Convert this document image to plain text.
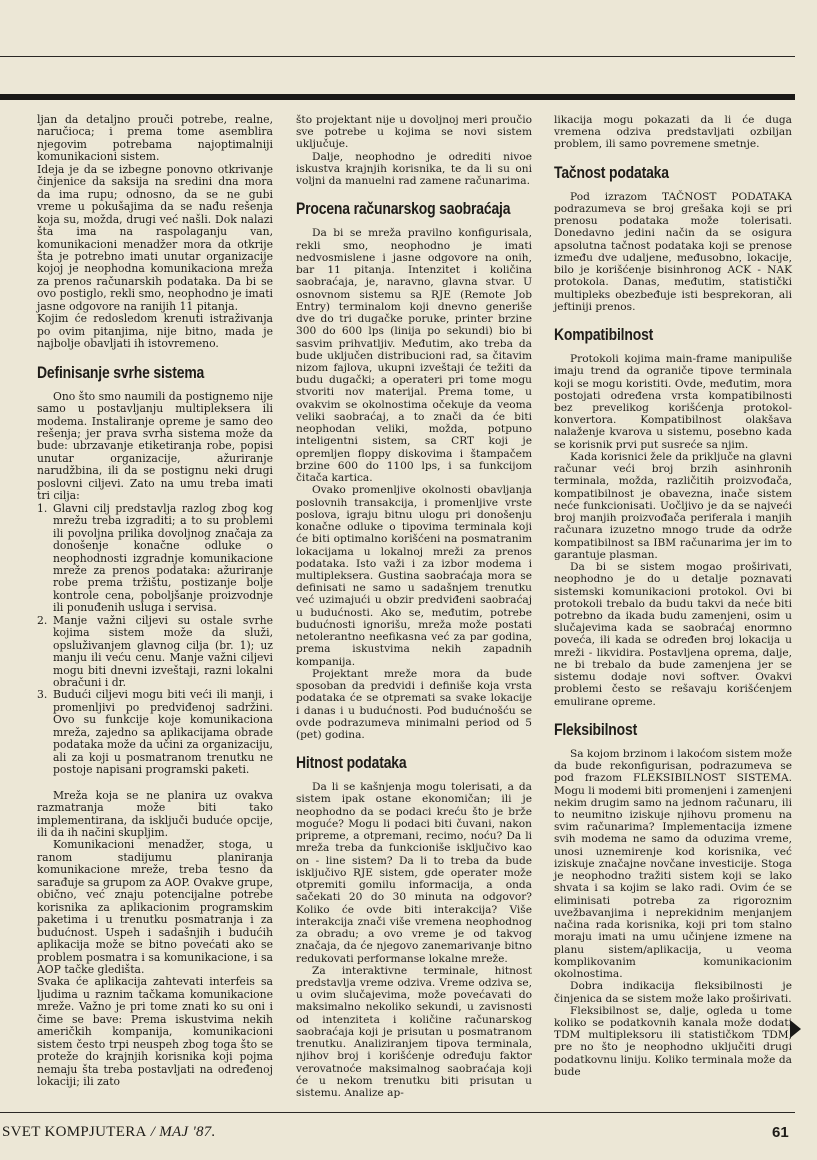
ljan da detaljno prouči potrebe, realne, naručioca; i prema tome asemblira njegovim potrebama najoptimalniji komunikacioni sistem.

Ideja je da se izbegne ponovno otkrivanje činjenice da saksija na sredini dna mora da ima rupu; odnosno, da se ne gubi vreme u pokušajima da se nađu rešenja koja su, možda, drugi već našli. Dok nalazi šta ima na raspolaganju van, komunikacioni menadžer mora da otkrije šta je potrebno imati unutar organizacije kojoj je neophodna komunikaciona mreža za prenos računarskih podataka. Da bi se ovo postiglo, rekli smo, neophodno je imati jasne odgovore na ranijih 11 pitanja.

Kojim će redosledom krenuti istraživanja po ovim pitanjima, nije bitno, mada je najbolje obavljati ih istovremeno.

Definisanje svrhe sistema

Ono što smo naumili da postignemo nije samo u postavljanju multipleksera ili modema. Instaliranje opreme je samo deo rešenja; jer prava svrha sistema može da bude: ubrzavanje etiketiranja robe, popisi unutar organizacije, ažuriranje narudžbina, ili da se postignu neki drugi poslovni ciljevi. Zato na umu treba imati tri cilja:

1. Glavni cilj predstavlja razlog zbog kog mrežu treba izgraditi; a to su problemi ili povoljna prilika dovoljnog značaja za donošenje konačne odluke o neophodnosti izgradnje komunikacione mreže za prenos podataka: ažuriranje robe prema tržištu, postizanje bolje kontrole cena, poboljšanje proizvodnje ili ponuđenih usluga i servisa.
2. Manje važni ciljevi su ostale svrhe kojima sistem može da služi, opsluživanjem glavnog cilja (br. 1); uz manju ili veću cenu. Manje važni ciljevi mogu biti dnevni izveštaji, razni lokalni obračuni i dr.
3. Budući ciljevi mogu biti veći ili manji, i promenljivi po predviđenoj sadržini. Ovo su funkcije koje komunikaciona mreža, zajedno sa aplikacijama obrade podataka može da učini za organizaciju, ali za koji u posmatranom trenutku ne postoje napisani programski paketi.

Mreža koja se ne planira uz ovakva razmatranja može biti tako implementirana, da isključi buduće opcije, ili da ih načini skupljim.

Komunikacioni menadžer, stoga, u ranom stadijumu planiranja komunikacione mreže, treba tesno da sarađuje sa grupom za AOP. Ovakve grupe, obično, već znaju potencijalne potrebe korisnika za aplikacionim programskim paketima i u trenutku posmatranja i za budućnost. Uspeh i sadašnjih i budućih aplikacija može se bitno povećati ako se problem posmatra i sa komunikacione, i sa AOP tačke gledišta.

Svaka će aplikacija zahtevati interfeis sa ljudima u raznim tačkama komunikacione mreže. Važno je pri tome znati ko su oni i čime se bave: Prema iskustvima nekih američkih kompanija, komunikacioni sistem često trpi neuspeh zbog toga što se proteže do krajnjih korisnika koji pojma nemaju šta treba postavljati na određenoj lokaciji; ili zato

što projektant nije u dovoljnoj meri proučio sve potrebe u kojima se novi sistem uključuje.

Dalje, neophodno je odrediti nivoe iskustva krajnjih korisnika, te da li su oni voljni da manuelni rad zamene računarima.

Procena računarskog saobraćaja

Da bi se mreža pravilno konfigurisala, rekli smo, neophodno je imati nedvosmislene i jasne odgovore na onih, bar 11 pitanja. Intenzitet i količina saobraćaja, je, naravno, glavna stvar. U osnovnom sistemu sa RJE (Remote Job Entry) terminalom koji dnevno generiše dve do tri dugačke poruke, printer brzine 300 do 600 lps (linija po sekundi) bio bi sasvim prihvatljiv. Međutim, ako treba da bude uključen distribucioni rad, sa čitavim nizom fajlova, ukupni izveštaji će težiti da budu dugački; a operateri pri tome mogu stvoriti nov materijal. Prema tome, u ovakvim se okolnostima očekuje da veoma veliki saobraćaj, a to znači da će biti neophodan veliki, možda, potpuno inteligentni sistem, sa CRT koji je opremljen floppy diskovima i štampačem brzine 600 do 1100 lps, i sa funkcijom čitača kartica.

Ovako promenljive okolnosti obavljanja poslovnih transakcija, i promenljive vrste poslova, igraju bitnu ulogu pri donošenju konačne odluke o tipovima terminala koji će biti optimalno korišćeni na posmatranim lokacijama u lokalnoj mreži za prenos podataka. Isto važi i za izbor modema i multipleksera. Gustina saobraćaja mora se definisati ne samo u sadašnjem trenutku već uzimajući u obzir predviđeni saobraćaj u budućnosti. Ako se, međutim, potrebe budućnosti ignorišu, mreža može postati netolerantno neefikasna već za par godina, prema iskustvima nekih zapadnih kompanija.

Projektant mreže mora da bude sposoban da predvidi i definiše koja vrsta podataka će se otpremati sa svake lokacije i danas i u budućnosti. Pod budućnošću se ovde podrazumeva minimalni period od 5 (pet) godina.

Hitnost podataka

Da li se kašnjenja mogu tolerisati, a da sistem ipak ostane ekonomičan; ili je neophodno da se podaci kreću što je brže moguće? Mogu li podaci biti čuvani, nakon pripreme, a otpremani, recimo, noću? Da li mreža treba da funkcioniše isključivo kao on - line sistem? Da li to treba da bude isključivo RJE sistem, gde operater može otpremiti gomilu informacija, a onda sačekati 20 do 30 minuta na odgovor? Koliko će ovde biti interakcija? Više interakcija znači više vremena neophodnog za obradu; a ovo vreme je od takvog značaja, da će njegovo zanemarivanje bitno redukovati performanse lokalne mreže.

Za interaktivne terminale, hitnost predstavlja vreme odziva. Vreme odziva se, u ovim slučajevima, može povećavati do maksimalno nekoliko sekundi, u zavisnosti od intenziteta i količine računarskog saobraćaja koji je prisutan u posmatranom trenutku. Analiziranjem tipova terminala, njihov broj i korišćenje određuju faktor verovatnoće maksimalnog saobraćaja koji će u nekom trenutku biti prisutan u sistemu. Analize ap-

likacija mogu pokazati da li će duga vremena odziva predstavljati ozbiljan problem, ili samo povremene smetnje.

Tačnost podataka

Pod izrazom TAČNOST PODATAKA podrazumeva se broj grešaka koji se pri prenosu podataka može tolerisati. Donedavno jedini način da se osigura apsolutna tačnost podataka koji se prenose između dve udaljene, međusobno, lokacije, bilo je korišćenje bisinhronog ACK - NAK protokola. Danas, međutim, statistički multipleks obezbeđuje isti besprekoran, ali jeftiniji prenos.

Kompatibilnost

Protokoli kojima main-frame manipuliše imaju trend da ograniče tipove terminala koji se mogu koristiti. Ovde, međutim, mora postojati određena vrsta kompatibilnosti bez prevelikog korišćenja protokol-konvertora. Kompatibilnost olakšava nalaženje kvarova u sistemu, posebno kada se korisnik prvi put susreće sa njim.

Kada korisnici žele da priključe na glavni računar veći broj brzih asinhronih terminala, možda, različitih proizvođača, kompatibilnost je obavezna, inače sistem neće funkcionisati. Uočljivo je da se najveći broj manjih proizvođača periferala i manjih računara izuzetno mnogo trude da održe kompatibilnost sa IBM računarima jer im to garantuje plasman.

Da bi se sistem mogao proširivati, neophodno je do u detalje poznavati sistemski komunikacioni protokol. Ovi bi protokoli trebalo da budu takvi da neće biti potrebno da ikada budu zamenjeni, osim u slučajevima kada se saobraćaj enormno poveća, ili kada se određen broj lokacija u mreži - likvidira. Postavljena oprema, dalje, ne bi trebalo da bude zamenjena jer se sistemu dodaje novi softver. Ovakvi problemi često se rešavaju korišćenjem emulirane opreme.

Fleksibilnost

Sa kojom brzinom i lakoćom sistem može da bude rekonfigurisan, podrazumeva se pod frazom FLEKSIBILNOST SISTEMA. Mogu li modemi biti promenjeni i zamenjeni nekim drugim samo na jednom računaru, ili to neumitno iziskuje njihovu promenu na svim računarima? Implementacija izmene svih modema ne samo da oduzima vreme, unosi uznemirenje kod korisnika, već iziskuje značajne novčane investicije. Stoga je neophodno tražiti sistem koji se lako shvata i sa kojim se lako radi. Ovim će se eliminisati potreba za rigoroznim uvežbavanjima i neprekidnim menjanjem načina rada korisnika, koji pri tom stalno moraju imati na umu učinjene izmene na planu sistem/aplikacija, u veoma komplikovanim komunikacionim okolnostima.

Dobra indikacija fleksibilnosti je činjenica da se sistem može lako proširivati.

Fleksibilnost se, dalje, ogleda u tome koliko se podatkovnih kanala može dodati TDM multipleksoru ili statističkom TDM, pre no što je neophodno uključiti drugi podatkovnu liniju. Koliko terminala može da bude

SVET KOMPJUTERA / MAJ '87.	61
